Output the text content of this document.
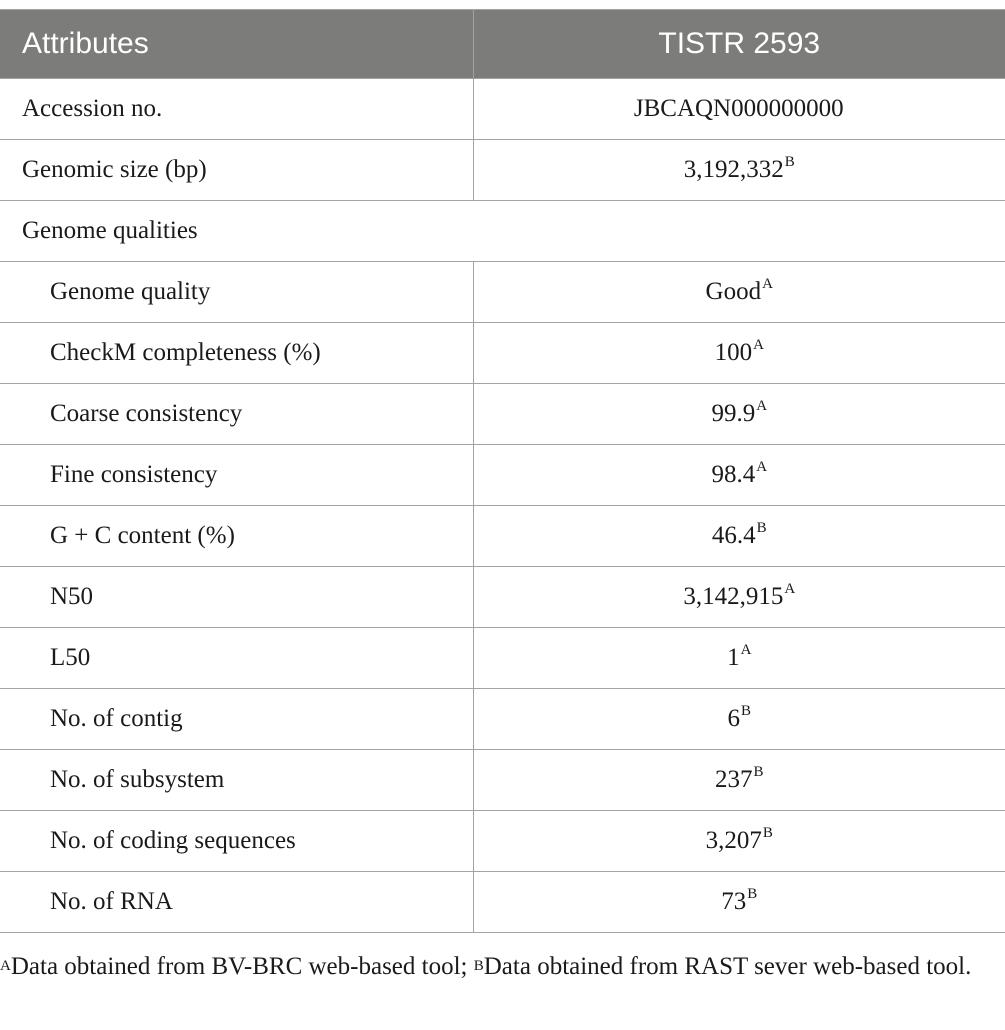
Attributes	TISTR 2593
Accession no.	JBCAQN000000000
Genomic size (bp)	$3,192,332^B$
Genome qualities	
Genome quality	Good$^A$
CheckM completeness (%)	$100^A$
Coarse consistency	$99.9^A$
Fine consistency	$98.4^A$
G + C content (%)	$46.4^B$
N50	$3,142,915^A$
L50	$1^A$
No. of contig	$6^B$
No. of subsystem	$237^B$
No. of coding sequences	$3,207^B$
No. of RNA	$73^B$
$^A$Data obtained from BV-BRC web-based tool; $^B$Data obtained from RAST sever web-based tool.
